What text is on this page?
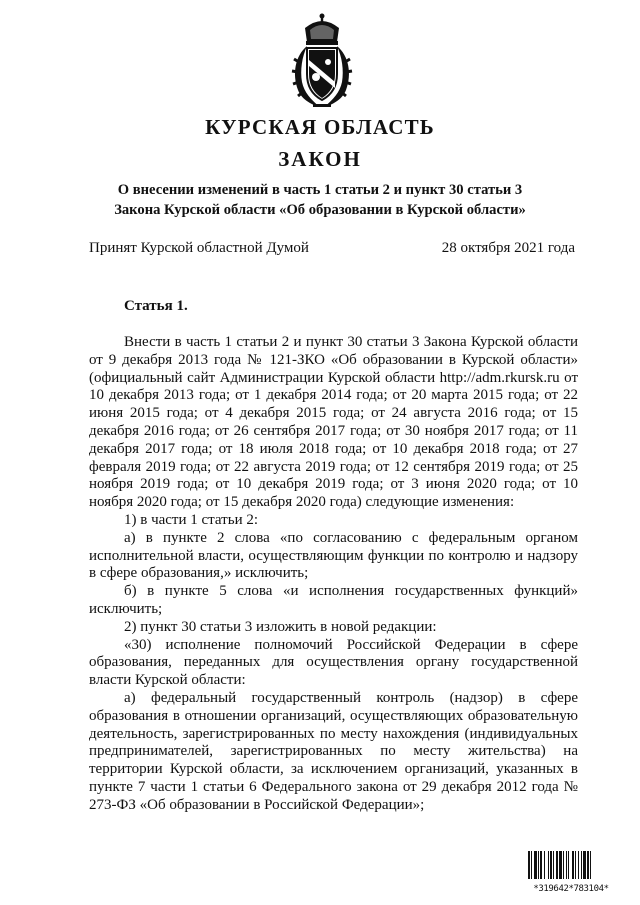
КУРСКАЯ ОБЛАСТЬ
ЗАКОН
О внесении изменений в часть 1 статьи 2 и пункт 30 статьи 3
Закона Курской области «Об образовании в Курской области»
Принят Курской областной Думой	28 октября 2021 года
Статья 1.

Внести в часть 1 статьи 2 и пункт 30 статьи 3 Закона Курской области от 9 декабря 2013 года № 121-ЗКО «Об образовании в Курской области» (официальный сайт Администрации Курской области http://adm.rkursk.ru от 10 декабря 2013 года; от 1 декабря 2014 года; от 20 марта 2015 года; от 22 июня 2015 года; от 4 декабря 2015 года; от 24 августа 2016 года; от 15 декабря 2016 года; от 26 сентября 2017 года; от 30 ноября 2017 года; от 11 декабря 2017 года; от 18 июля 2018 года; от 10 декабря 2018 года; от 27 февраля 2019 года; от 22 августа 2019 года; от 12 сентября 2019 года; от 25 ноября 2019 года; от 10 декабря 2019 года; от 3 июня 2020 года; от 10 ноября 2020 года; от 15 декабря 2020 года) следующие изменения:

1) в части 1 статьи 2:

а) в пункте 2 слова «по согласованию с федеральным органом исполнительной власти, осуществляющим функции по контролю и надзору в сфере образования,» исключить;

б) в пункте 5 слова «и исполнения государственных функций» исключить;

2) пункт 30 статьи 3 изложить в новой редакции:

«30) исполнение полномочий Российской Федерации в сфере образования, переданных для осуществления органу государственной власти Курской области:

а) федеральный государственный контроль (надзор) в сфере образования в отношении организаций, осуществляющих образовательную деятельность, зарегистрированных по месту нахождения (индивидуальных предпринимателей, зарегистрированных по месту жительства) на территории Курской области, за исключением организаций, указанных в пункте 7 части 1 статьи 6 Федерального закона от 29 декабря 2012 года № 273-ФЗ «Об образовании в Российской Федерации»;

*319642*783104*
